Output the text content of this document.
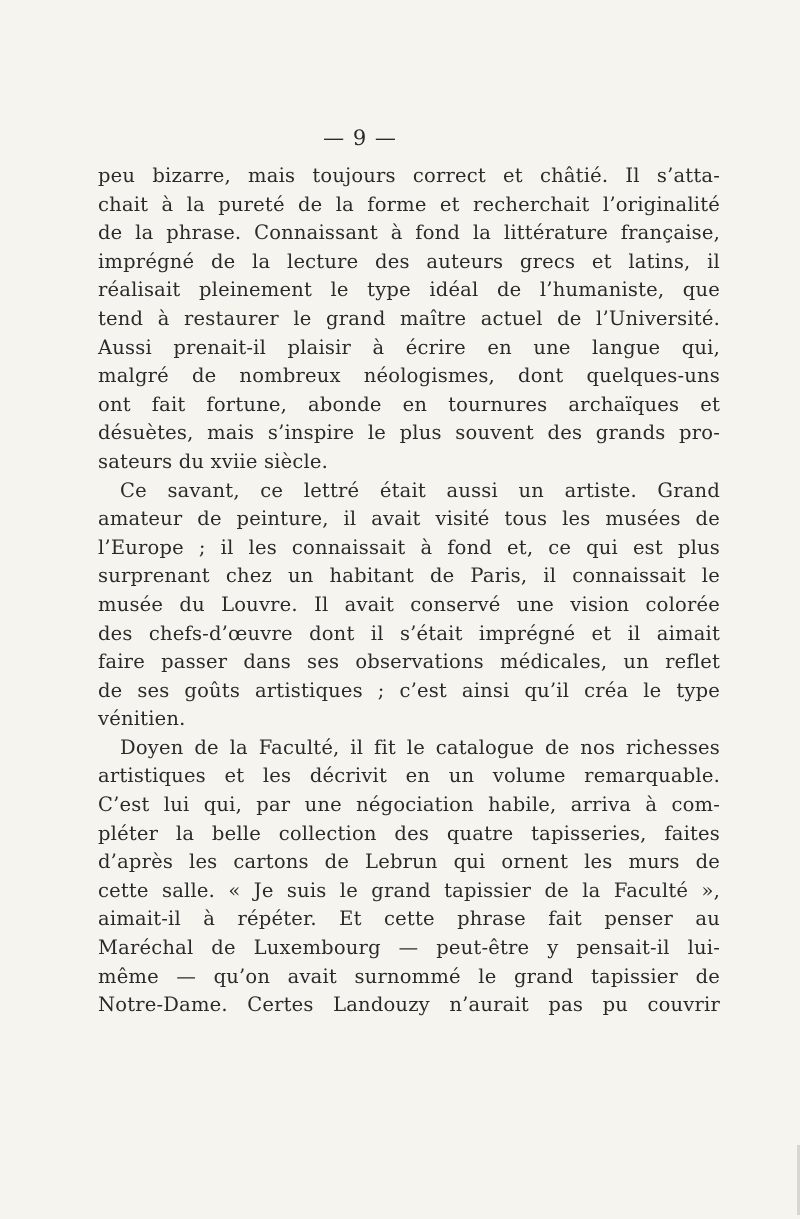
— 9 —
peu bizarre, mais toujours correct et châtié. Il s’atta-
chait à la pureté de la forme et recherchait l’originalité
de la phrase. Connaissant à fond la littérature française,
imprégné de la lecture des auteurs grecs et latins, il
réalisait pleinement le type idéal de l’humaniste, que
tend à restaurer le grand maître actuel de l’Université.
Aussi prenait-il plaisir à écrire en une langue qui,
malgré de nombreux néologismes, dont quelques-uns
ont fait fortune, abonde en tournures archaïques et
désuètes, mais s’inspire le plus souvent des grands pro-
sateurs du xviie siècle.
Ce savant, ce lettré était aussi un artiste. Grand
amateur de peinture, il avait visité tous les musées de
l’Europe ; il les connaissait à fond et, ce qui est plus
surprenant chez un habitant de Paris, il connaissait le
musée du Louvre. Il avait conservé une vision colorée
des chefs-d’œuvre dont il s’était imprégné et il aimait
faire passer dans ses observations médicales, un reflet
de ses goûts artistiques ; c’est ainsi qu’il créa le type
vénitien.
Doyen de la Faculté, il fit le catalogue de nos richesses
artistiques et les décrivit en un volume remarquable.
C’est lui qui, par une négociation habile, arriva à com-
pléter la belle collection des quatre tapisseries, faites
d’après les cartons de Lebrun qui ornent les murs de
cette salle. « Je suis le grand tapissier de la Faculté »,
aimait-il à répéter. Et cette phrase fait penser au
Maréchal de Luxembourg — peut-être y pensait-il lui-
même — qu’on avait surnommé le grand tapissier de
Notre-Dame. Certes Landouzy n’aurait pas pu couvrir
